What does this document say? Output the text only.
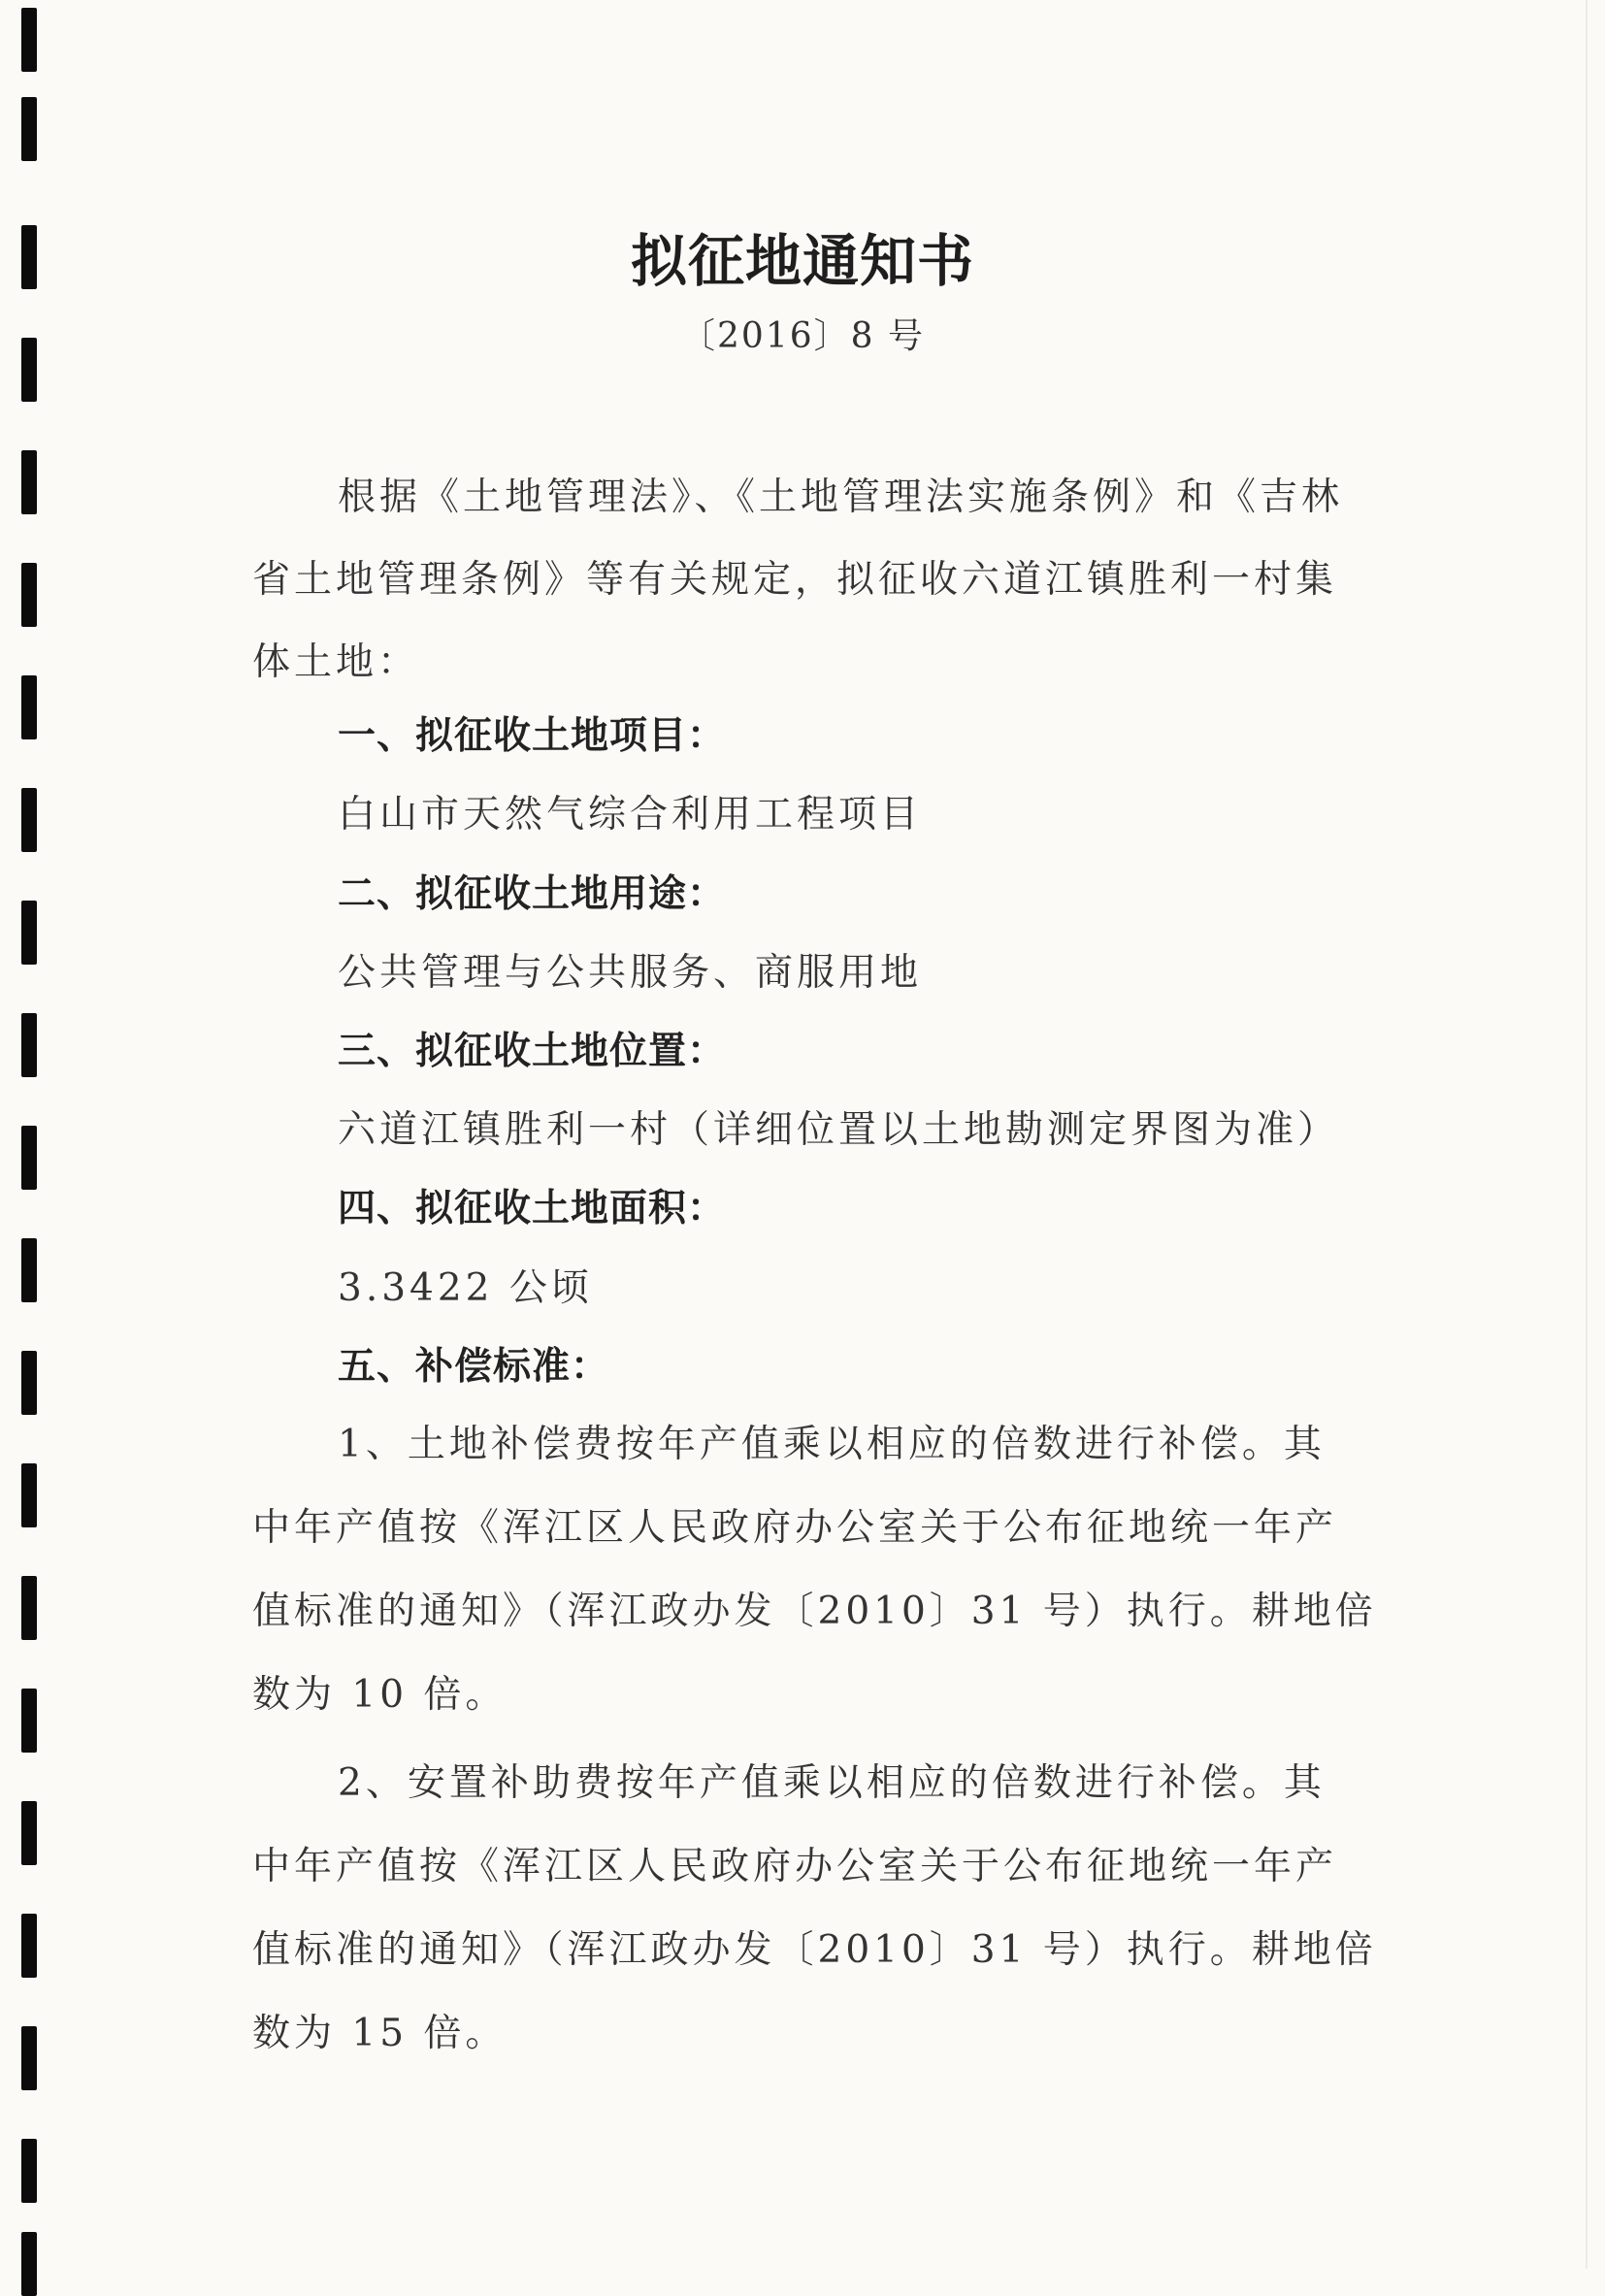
拟征地通知书
〔2016〕8 号
根据《土地管理法》、《土地管理法实施条例》和《吉林
省土地管理条例》等有关规定，拟征收六道江镇胜利一村集
体土地：
一、拟征收土地项目：
白山市天然气综合利用工程项目
二、拟征收土地用途：
公共管理与公共服务、商服用地
三、拟征收土地位置：
六道江镇胜利一村（详细位置以土地勘测定界图为准）
四、拟征收土地面积：
3.3422 公顷
五、补偿标准：
1、土地补偿费按年产值乘以相应的倍数进行补偿。其
中年产值按《浑江区人民政府办公室关于公布征地统一年产
值标准的通知》（浑江政办发〔2010〕31 号）执行。耕地倍
数为 10 倍。
2、安置补助费按年产值乘以相应的倍数进行补偿。其
中年产值按《浑江区人民政府办公室关于公布征地统一年产
值标准的通知》（浑江政办发〔2010〕31 号）执行。耕地倍
数为 15 倍。
